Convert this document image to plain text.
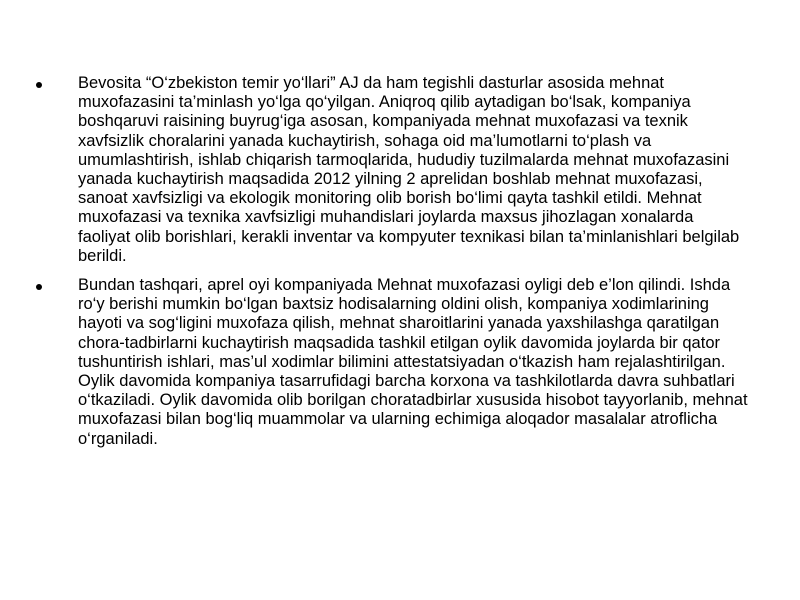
Bevosita “O‘zbekiston temir yo‘llari” AJ da ham tegishli dasturlar asosida mehnat muxofazasini ta’minlash yo‘lga qo‘yilgan. Aniqroq qilib aytadigan bo‘lsak, kompaniya boshqaruvi raisining buyrug‘iga asosan, kompaniyada mehnat muxofazasi va texnik xavfsizlik choralarini yanada kuchaytirish, sohaga oid ma’lumotlarni to‘plash va umumlashtirish, ishlab chiqarish tarmoqlarida, hududiy tuzilmalarda mehnat muxofazasini yanada kuchaytirish maqsadida 2012 yilning 2 aprelidan boshlab mehnat muxofazasi, sanoat xavfsizligi va ekologik monitoring olib borish bo‘limi qayta tashkil etildi. Mehnat muxofazasi va texnika xavfsizligi muhandislari joylarda maxsus jihozlagan xonalarda faoliyat olib borishlari, kerakli inventar va kompyuter texnikasi bilan ta’minlanishlari belgilab berildi.
Bundan tashqari, aprel oyi kompaniyada Mehnat muxofazasi oyligi deb e’lon qilindi. Ishda ro‘y berishi mumkin bo‘lgan baxtsiz hodisalarning oldini olish, kompaniya xodimlarining hayoti va sog‘ligini muxofaza qilish, mehnat sharoitlarini yanada yaxshilashga qaratilgan chora-tadbirlarni kuchaytirish maqsadida tashkil etilgan oylik davomida joylarda bir qator tushuntirish ishlari, mas’ul xodimlar bilimini attestatsiyadan o‘tkazish ham rejalashtirilgan. Oylik davomida kompaniya tasarrufidagi barcha korxona va tashkilotlarda davra suhbatlari o‘tkaziladi. Oylik davomida olib borilgan choratadbirlar xususida hisobot tayyorlanib, mehnat muxofazasi bilan bog‘liq muammolar va ularning echimiga aloqador masalalar atroflicha o‘rganiladi.
